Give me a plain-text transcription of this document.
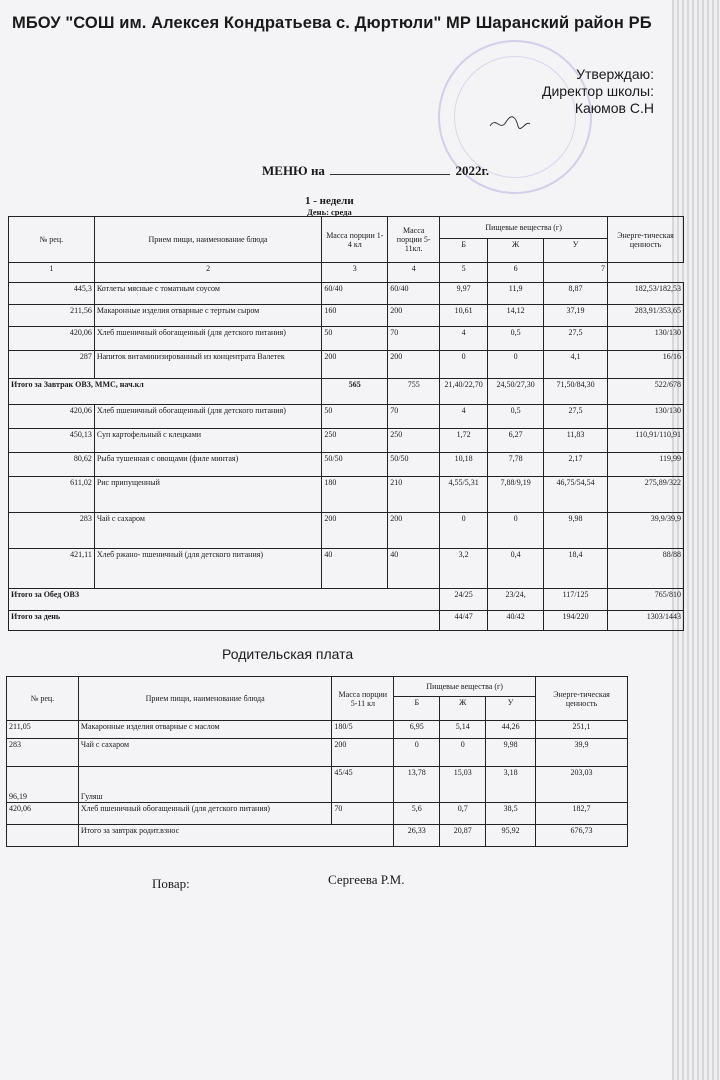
МБОУ "СОШ им. Алексея Кондратьева с. Дюртюли" МР Шаранский район РБ
Утверждаю:
Директор школы:
Каюмов С.Н
МЕНЮ на	2022г.
1 - недели
День: среда
№ рец.	Прием пищи, наименование блюда	Масса порции 1-4 кл	Масса порции 5-11кл.	Пищевые вещества (г)			Энерге-тическая ценность
				Б	Ж	У	
1	2	3	4	5	6	7	
445,3	Котлеты мясные с томатным соусом	60/40	60/40	9,97	11,9	8,87	182,53/182,53
211,56	Макаронные изделия отварные с тертым сыром	160	200	10,61	14,12	37,19	283,91/353,65
420,06	Хлеб пшеничный обогащенный (для детского питания)	50	70	4	0,5	27,5	130/130
287	Напиток витаминизированный из концентрата Валетек	200	200	0	0	4,1	16/16
Итого за Завтрак ОВЗ, ММС, нач.кл		565	755	21,40/22,70	24,50/27,30	71,50/84,30	522/678
420,06	Хлеб пшеничный обогащенный (для детского питания)	50	70	4	0,5	27,5	130/130
450,13	Суп картофельный с клецками	250	250	1,72	6,27	11,83	110,91/110,91
80,62	Рыба тушенная с овощами (филе минтая)	50/50	50/50	10,18	7,78	2,17	119,99
611,02	Рис припущенный	180	210	4,55/5,31	7,88/9,19	46,75/54,54	275,89/322
283	Чай с сахаром	200	200	0	0	9,98	39,9/39,9
421,11	Хлеб ржано- пшеничный (для детского питания)	40	40	3,2	0,4	18,4	88/88
Итого за Обед ОВЗ				24/25	23/24,	117/125	765/810
Итого за день				44/47	40/42	194/220	1303/1443
Родительская плата
№ рец.	Прием пищи, наименование блюда	Масса порции 5-11 кл	Пищевые вещества (г)			Энерге-тическая ценность
			Б	Ж	У	
211,05	Макаронные изделия отварные с маслом	180/5	6,95	5,14	44,26	251,1
283	Чай с сахаром	200	0	0	9,98	39,9
96,19	Гуляш	45/45	13,78	15,03	3,18	203,03
420,06	Хлеб пшеничный обогащенный (для детского питания)	70	5,6	0,7	38,5	182,7
	Итого за завтрак родит.взнос		26,33	20,87	95,92	676,73
Повар:	Сергеева Р.М.
